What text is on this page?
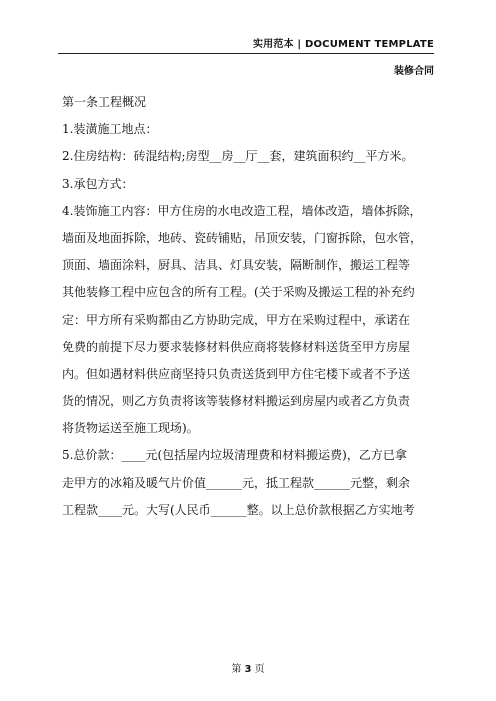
实用范本 | DOCUMENT TEMPLATE
装修合同
第一条工程概况
1.装潢施工地点：
2.住房结构：砖混结构;房型__房__厅__套，建筑面积约__平方米。
3.承包方式：
4.装饰施工内容：甲方住房的水电改造工程，墙体改造，墙体拆除，
墙面及地面拆除，地砖、瓷砖铺贴，吊顶安装，门窗拆除，包水管，
顶面、墙面涂料，厨具、洁具、灯具安装，隔断制作，搬运工程等
其他装修工程中应包含的所有工程。(关于采购及搬运工程的补充约
定：甲方所有采购都由乙方协助完成，甲方在采购过程中，承诺在
免费的前提下尽力要求装修材料供应商将装修材料送货至甲方房屋
内。但如遇材料供应商坚持只负责送货到甲方住宅楼下或者不予送
货的情况，则乙方负责将该等装修材料搬运到房屋内或者乙方负责
将货物运送至施工现场)。
5.总价款：____元(包括屋内垃圾清理费和材料搬运费)，乙方已拿
走甲方的冰箱及暖气片价值______元，抵工程款______元整，剩余
工程款____元。大写(人民币______整。以上总价款根据乙方实地考
第 3 页
